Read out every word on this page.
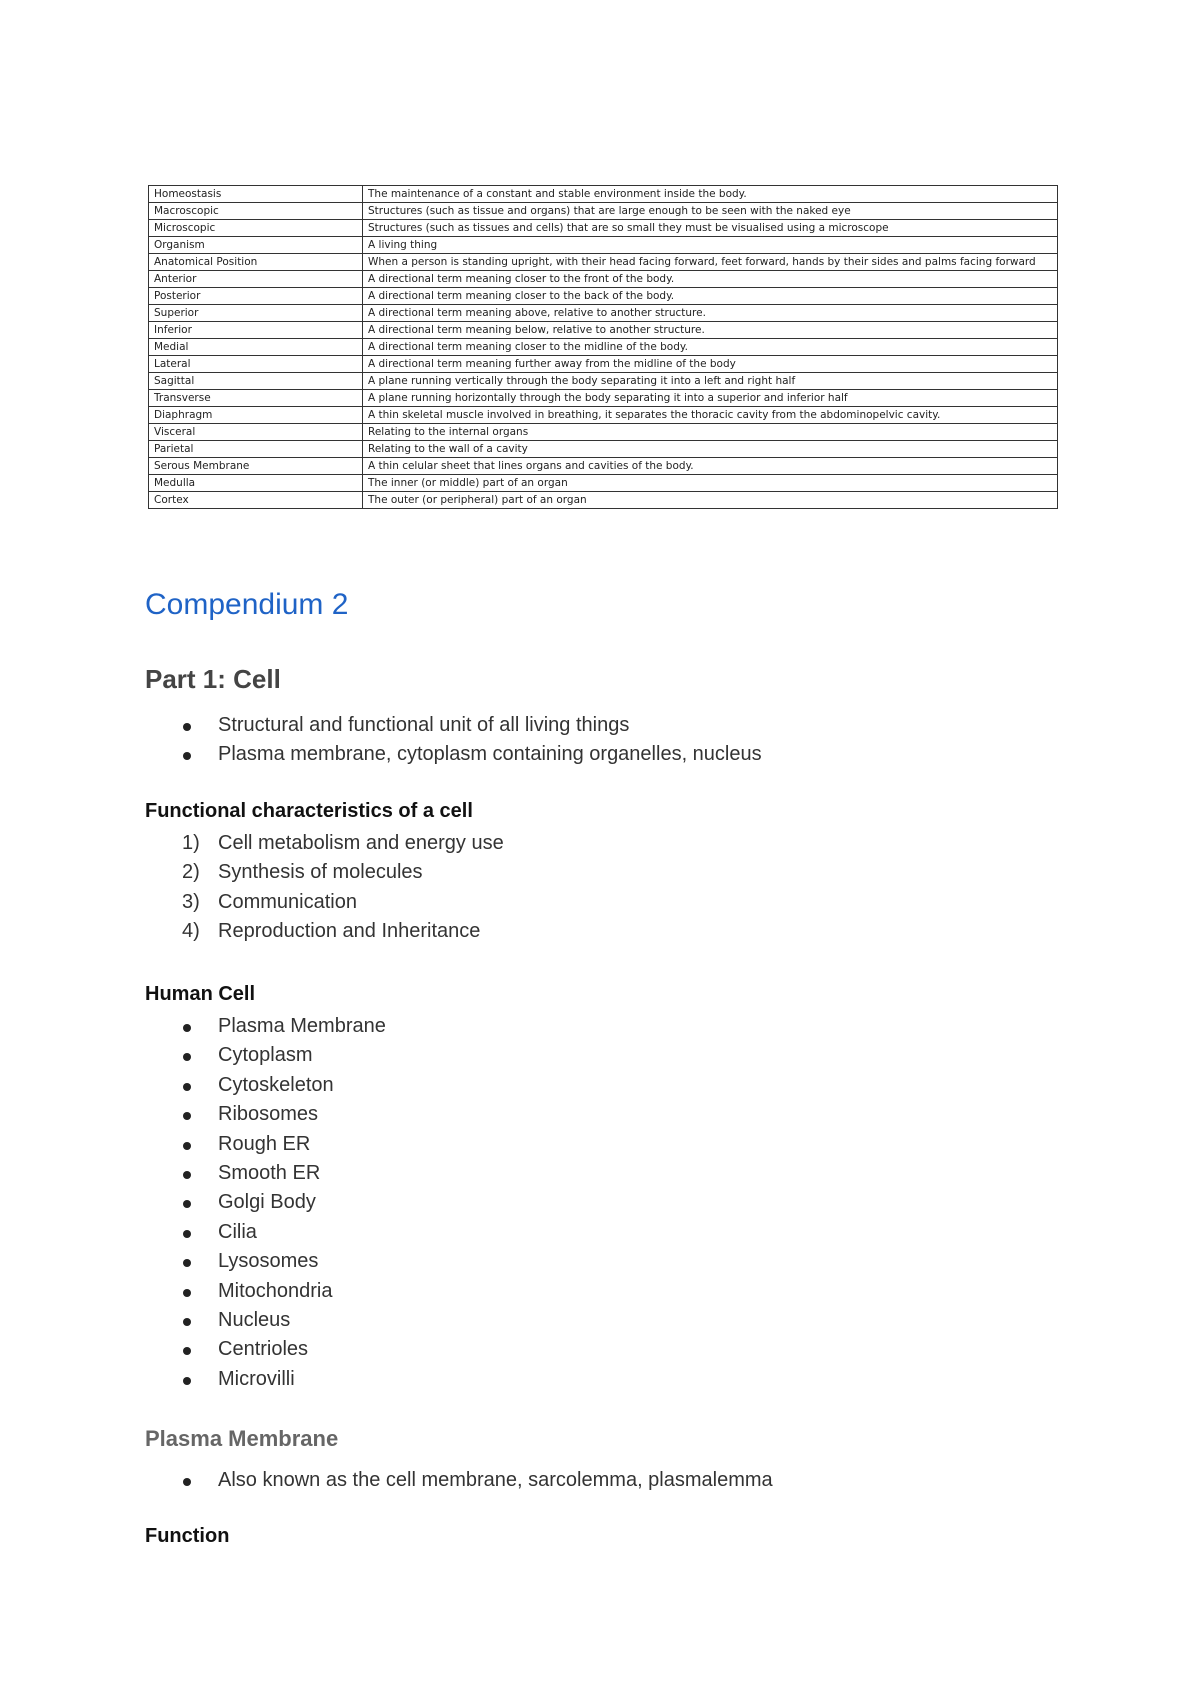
Homeostasis	The maintenance of a constant and stable environment inside the body.
Macroscopic	Structures (such as tissue and organs) that are large enough to be seen with the naked eye
Microscopic	Structures (such as tissues and cells) that are so small they must be visualised using a microscope
Organism	A living thing
Anatomical Position	When a person is standing upright, with their head facing forward, feet forward, hands by their sides and palms facing forward
Anterior	A directional term meaning closer to the front of the body.
Posterior	A directional term meaning closer to the back of the body.
Superior	A directional term meaning above, relative to another structure.
Inferior	A directional term meaning below, relative to another structure.
Medial	A directional term meaning closer to the midline of the body.
Lateral	A directional term meaning further away from the midline of the body
Sagittal	A plane running vertically through the body separating it into a left and right half
Transverse	A plane running horizontally through the body separating it into a superior and inferior half
Diaphragm	A thin skeletal muscle involved in breathing, it separates the thoracic cavity from the abdominopelvic cavity.
Visceral	Relating to the internal organs
Parietal	Relating to the wall of a cavity
Serous Membrane	A thin celular sheet that lines organs and cavities of the body.
Medulla	The inner (or middle) part of an organ
Cortex	The outer (or peripheral) part of an organ
Compendium 2
Part 1: Cell
Structural and functional unit of all living things
Plasma membrane, cytoplasm containing organelles, nucleus
Functional characteristics of a cell
1) Cell metabolism and energy use
2) Synthesis of molecules
3) Communication
4) Reproduction and Inheritance
Human Cell
Plasma Membrane
Cytoplasm
Cytoskeleton
Ribosomes
Rough ER
Smooth ER
Golgi Body
Cilia
Lysosomes
Mitochondria
Nucleus
Centrioles
Microvilli
Plasma Membrane
Also known as the cell membrane, sarcolemma, plasmalemma
Function
